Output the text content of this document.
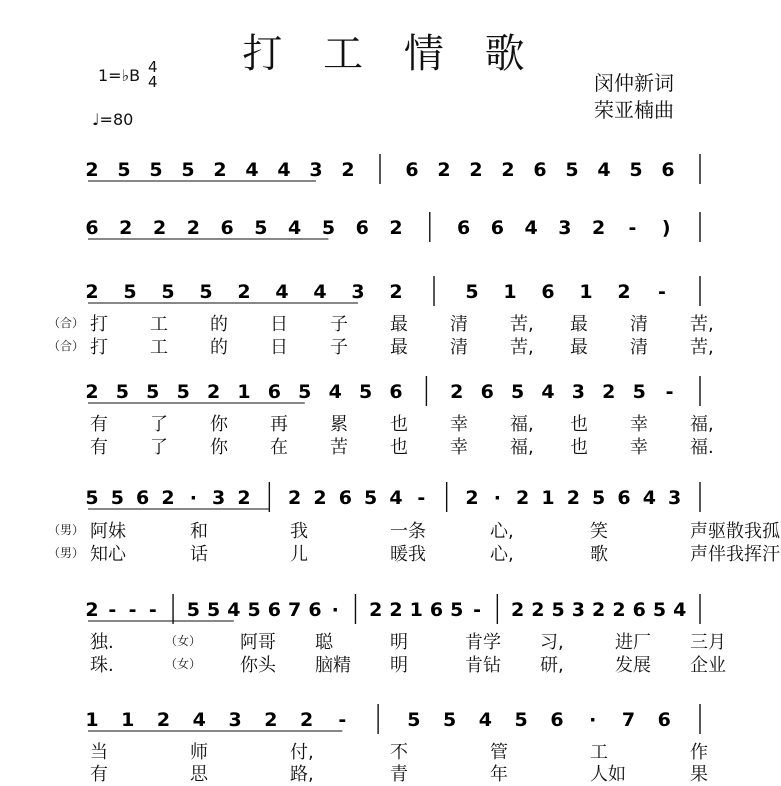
打 工 情 歌
1=♭B 4
4
♩=80
闵仲新词
荣亚楠曲
2 5 5 5 2 4 4 3 2	6 2 2 2 6 5 4 5 6
6 2 2 2 6 5 4 5 6 2	6 6 4 3 2 - )
2 5 5 5 2 4 4 3 2	5 1 6 1 2 -
（合） 打 工 的 日 子 最 清 苦, 最 清 苦,
（合） 打 工 的 日 子 最 清 苦, 最 清 苦,
2 5 5 5 2 1 6 5 4 5 6	2 6 5 4 3 2 5 -
有 了 你 再 累 也 幸 福, 也 幸 福,
有 了 你 在 苦 也 幸 福, 也 幸 福.
5 5 6 2 · 3 2 2 2 6 5 4 - 2 · 2 1 2 5 6 4 3
（男） 阿妹	和	我	一条	心,	笑	声驱散我孤
（男） 知心	话	儿	暖我	心,	歌	声伴我挥汗
2 - - - 5 5 4 5 6 7 6 · 2 2 1 6 5 - 2 2 5 3 2 2 6 5 4
独.	（女） 阿哥 聪	明	肯学 习,	进厂 三月
珠.	（女） 你头 脑精 明	肯钻 研,	发展 企业
1 1 2 4 3 2 2 -	5 5 4 5 6 · 7 6
当	师	付,	不	管	工	作
有	思	路,	青	年	人如	果
